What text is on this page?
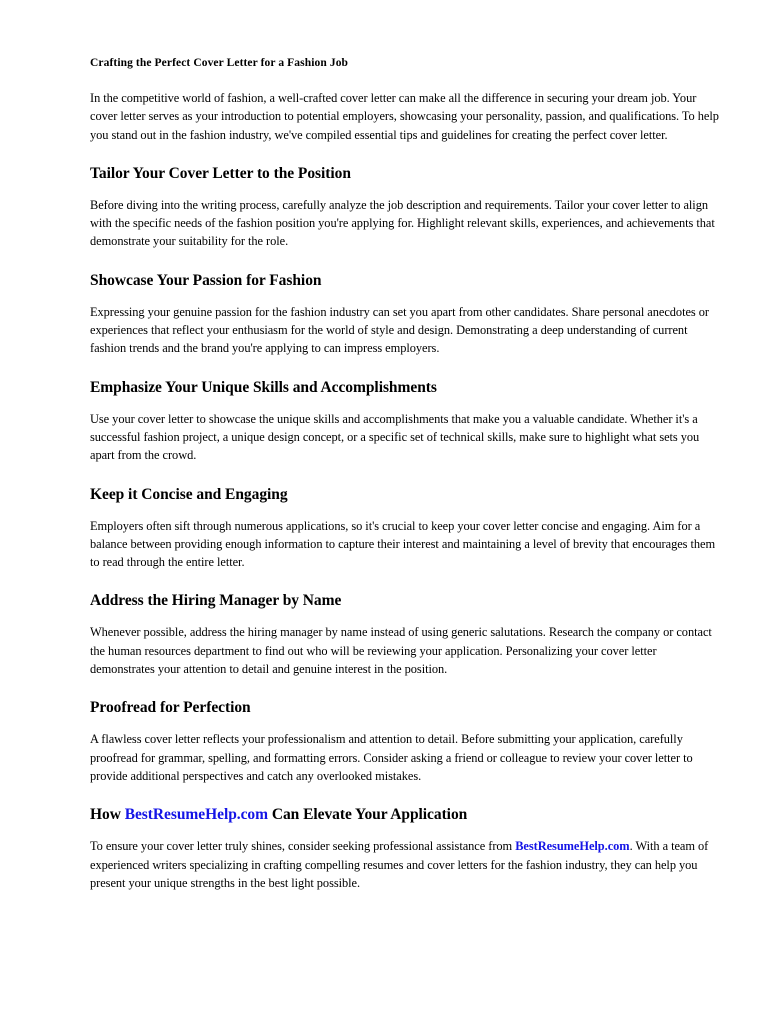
Crafting the Perfect Cover Letter for a Fashion Job

In the competitive world of fashion, a well-crafted cover letter can make all the difference in securing your dream job. Your cover letter serves as your introduction to potential employers, showcasing your personality, passion, and qualifications. To help you stand out in the fashion industry, we've compiled essential tips and guidelines for creating the perfect cover letter.

Tailor Your Cover Letter to the Position

Before diving into the writing process, carefully analyze the job description and requirements. Tailor your cover letter to align with the specific needs of the fashion position you're applying for. Highlight relevant skills, experiences, and achievements that demonstrate your suitability for the role.

Showcase Your Passion for Fashion

Expressing your genuine passion for the fashion industry can set you apart from other candidates. Share personal anecdotes or experiences that reflect your enthusiasm for the world of style and design. Demonstrating a deep understanding of current fashion trends and the brand you're applying to can impress employers.

Emphasize Your Unique Skills and Accomplishments

Use your cover letter to showcase the unique skills and accomplishments that make you a valuable candidate. Whether it's a successful fashion project, a unique design concept, or a specific set of technical skills, make sure to highlight what sets you apart from the crowd.

Keep it Concise and Engaging

Employers often sift through numerous applications, so it's crucial to keep your cover letter concise and engaging. Aim for a balance between providing enough information to capture their interest and maintaining a level of brevity that encourages them to read through the entire letter.

Address the Hiring Manager by Name

Whenever possible, address the hiring manager by name instead of using generic salutations. Research the company or contact the human resources department to find out who will be reviewing your application. Personalizing your cover letter demonstrates your attention to detail and genuine interest in the position.

Proofread for Perfection

A flawless cover letter reflects your professionalism and attention to detail. Before submitting your application, carefully proofread for grammar, spelling, and formatting errors. Consider asking a friend or colleague to review your cover letter to provide additional perspectives and catch any overlooked mistakes.

How BestResumeHelp.com Can Elevate Your Application

To ensure your cover letter truly shines, consider seeking professional assistance from BestResumeHelp.com. With a team of experienced writers specializing in crafting compelling resumes and cover letters for the fashion industry, they can help you present your unique strengths in the best light possible.
